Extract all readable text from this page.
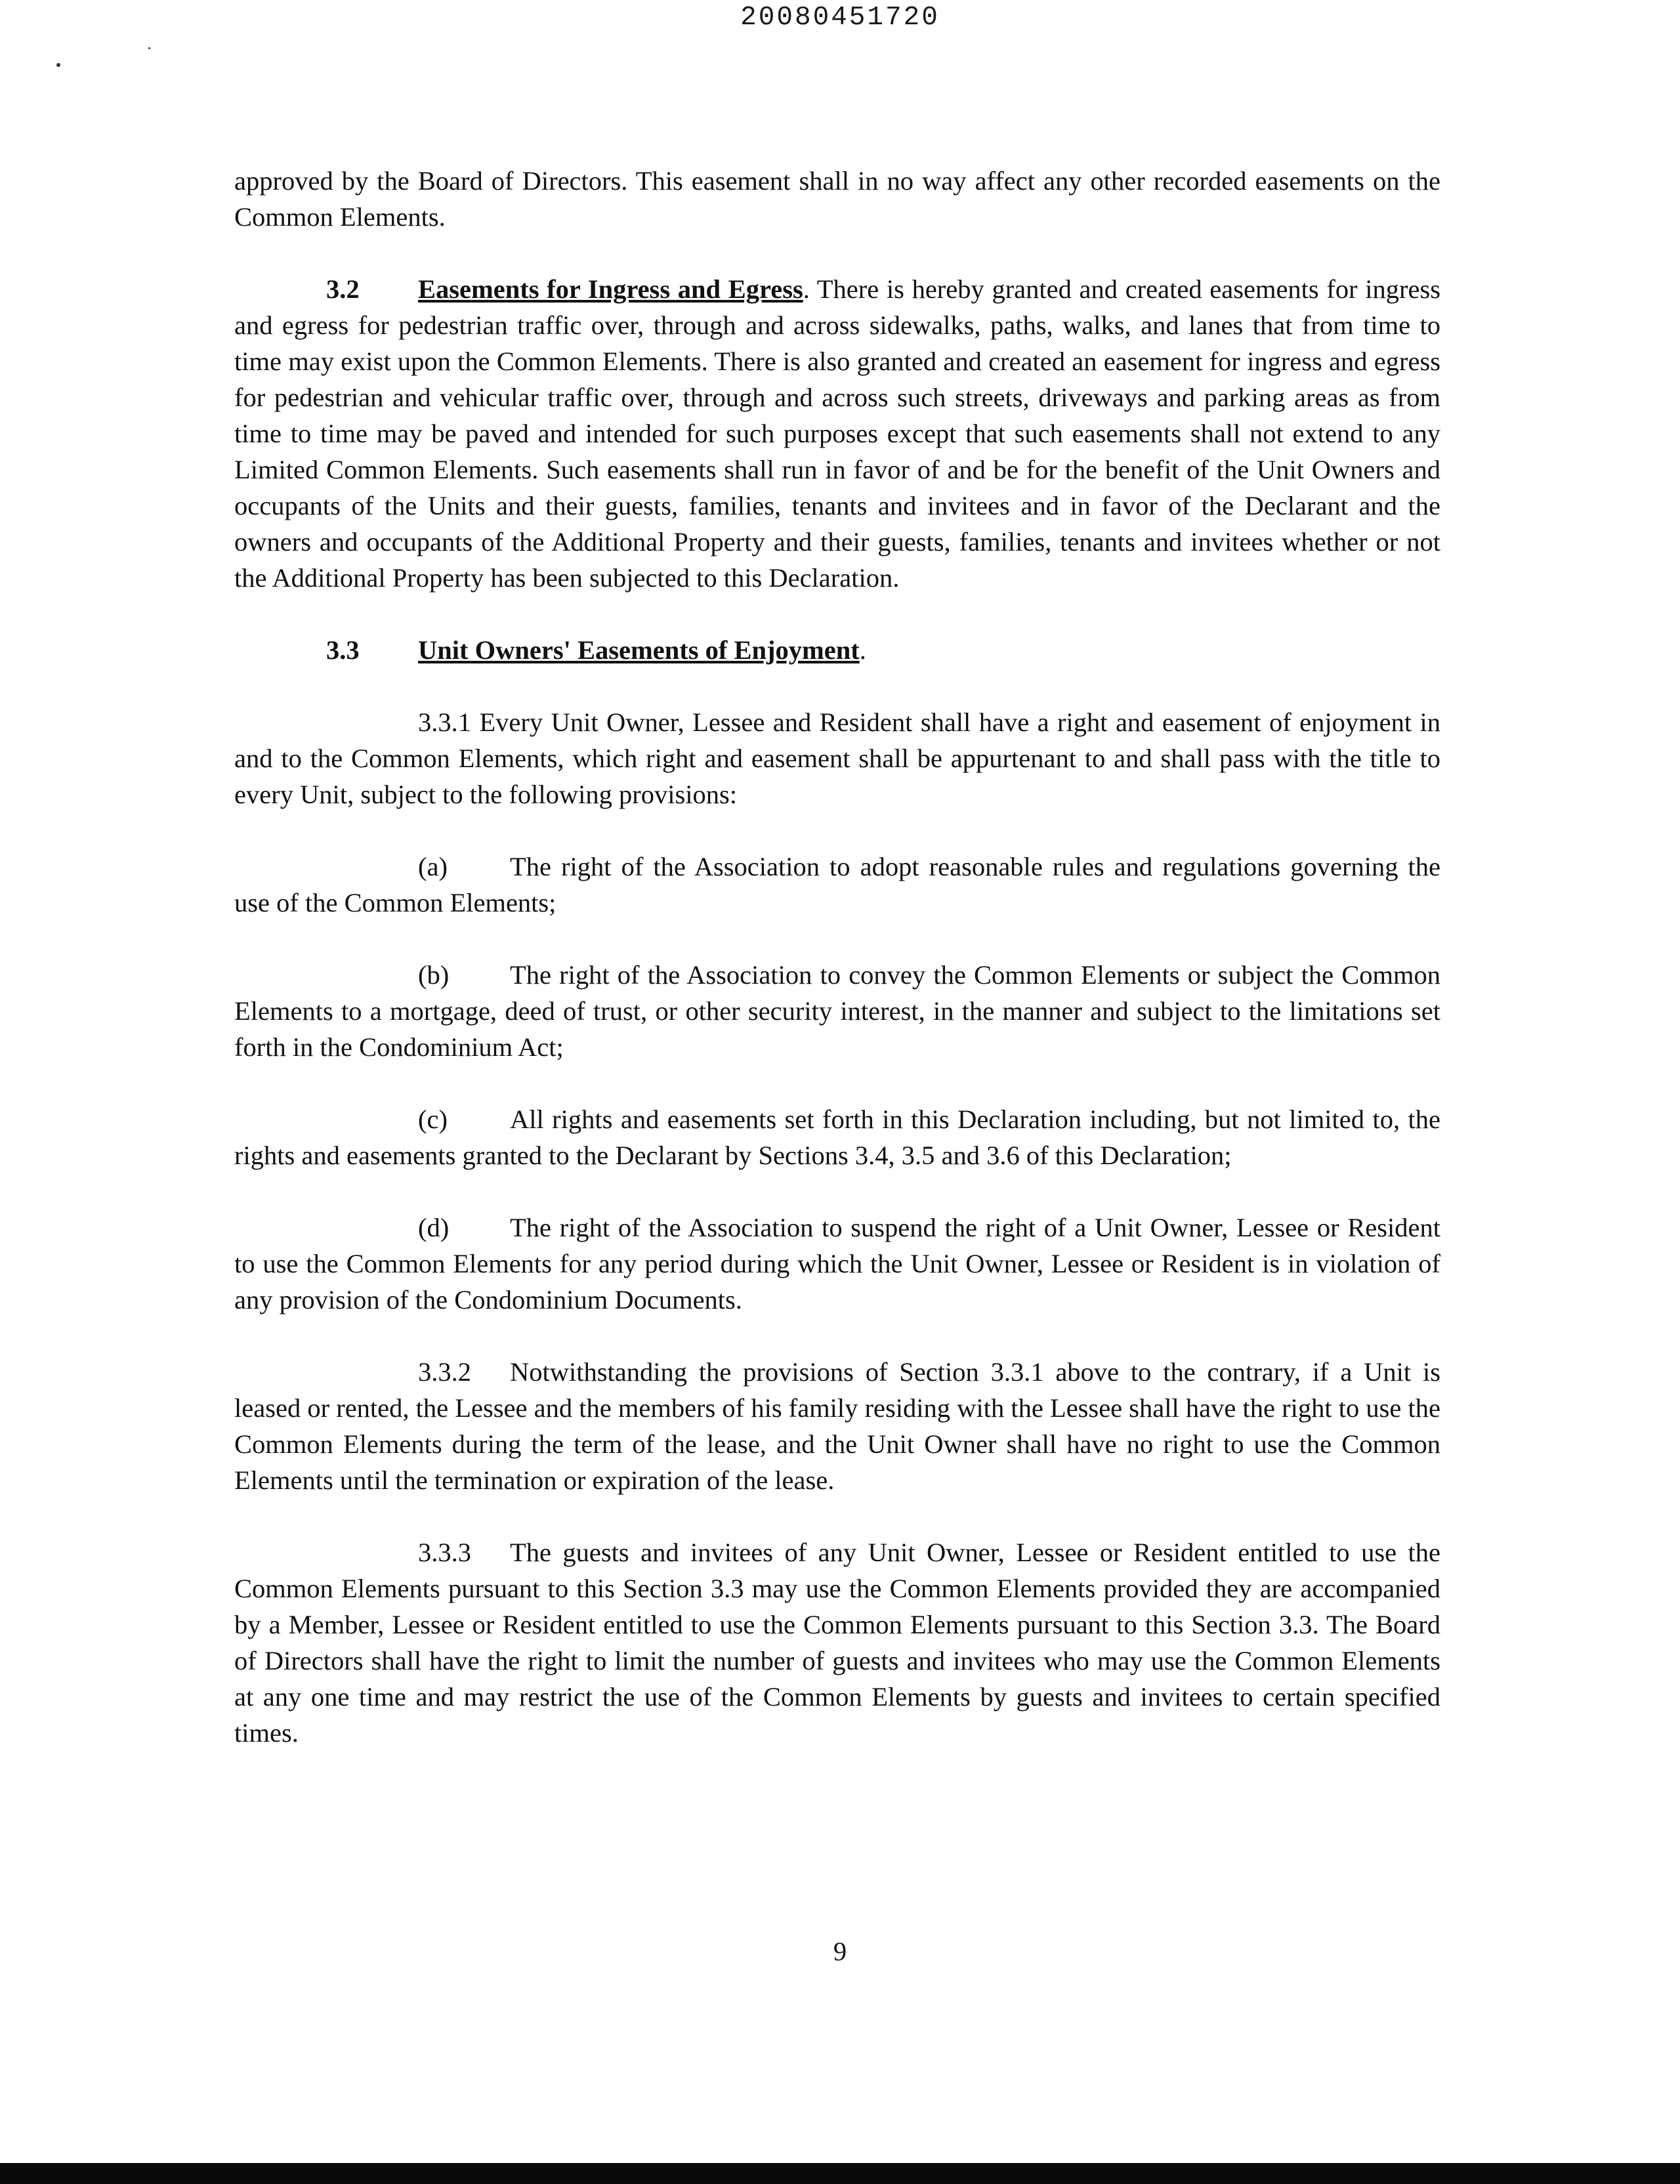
20080451720

approved by the Board of Directors. This easement shall in no way affect any other recorded easements on the Common Elements.

3.2 Easements for Ingress and Egress. There is hereby granted and created easements for ingress and egress for pedestrian traffic over, through and across sidewalks, paths, walks, and lanes that from time to time may exist upon the Common Elements. There is also granted and created an easement for ingress and egress for pedestrian and vehicular traffic over, through and across such streets, driveways and parking areas as from time to time may be paved and intended for such purposes except that such easements shall not extend to any Limited Common Elements. Such easements shall run in favor of and be for the benefit of the Unit Owners and occupants of the Units and their guests, families, tenants and invitees and in favor of the Declarant and the owners and occupants of the Additional Property and their guests, families, tenants and invitees whether or not the Additional Property has been subjected to this Declaration.

3.3 Unit Owners' Easements of Enjoyment.

3.3.1 Every Unit Owner, Lessee and Resident shall have a right and easement of enjoyment in and to the Common Elements, which right and easement shall be appurtenant to and shall pass with the title to every Unit, subject to the following provisions:

(a) The right of the Association to adopt reasonable rules and regulations governing the use of the Common Elements;

(b) The right of the Association to convey the Common Elements or subject the Common Elements to a mortgage, deed of trust, or other security interest, in the manner and subject to the limitations set forth in the Condominium Act;

(c) All rights and easements set forth in this Declaration including, but not limited to, the rights and easements granted to the Declarant by Sections 3.4, 3.5 and 3.6 of this Declaration;

(d) The right of the Association to suspend the right of a Unit Owner, Lessee or Resident to use the Common Elements for any period during which the Unit Owner, Lessee or Resident is in violation of any provision of the Condominium Documents.

3.3.2 Notwithstanding the provisions of Section 3.3.1 above to the contrary, if a Unit is leased or rented, the Lessee and the members of his family residing with the Lessee shall have the right to use the Common Elements during the term of the lease, and the Unit Owner shall have no right to use the Common Elements until the termination or expiration of the lease.

3.3.3 The guests and invitees of any Unit Owner, Lessee or Resident entitled to use the Common Elements pursuant to this Section 3.3 may use the Common Elements provided they are accompanied by a Member, Lessee or Resident entitled to use the Common Elements pursuant to this Section 3.3. The Board of Directors shall have the right to limit the number of guests and invitees who may use the Common Elements at any one time and may restrict the use of the Common Elements by guests and invitees to certain specified times.

9
